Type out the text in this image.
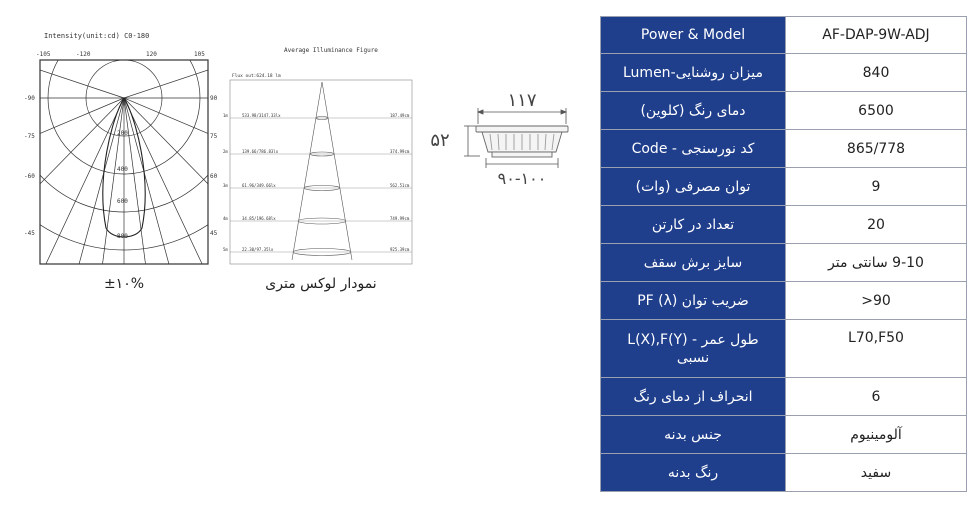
Intensity(unit:cd) C0-180
-105	-120	120	105
-90
-75
-60
-45
90
75
60
45
200
400
600
800
±۱۰%
Average Illuminance Figure
Flux out:624.18 lm
1m	533.98/3147.33lx	187.49cm
2m	139.66/786.83lx	374.99cm
3m	61.96/349.66lx	562.51cm
4m	34.85/196.68lx	749.99cm
5m	22.30/97.35lx	925.39cm
نمودار لوکس متری
۱۱۷
۵۲
۹۰-۱۰۰
Power & Model	AF-DAP-9W-ADJ
میزان روشنایی-Lumen	840
دمای رنگ (کلوین)	6500
کد نورسنجی - Code	865/778
توان مصرفی (وات)	9
تعداد در کارتن	20
سایز برش سقف	9-10 سانتی متر
ضریب توان PF (λ)	>90
طول عمر - L(X),F(Y) نسبی	L70,F50
انحراف از دمای رنگ	6
جنس بدنه	آلومینیوم
رنگ بدنه	سفید
